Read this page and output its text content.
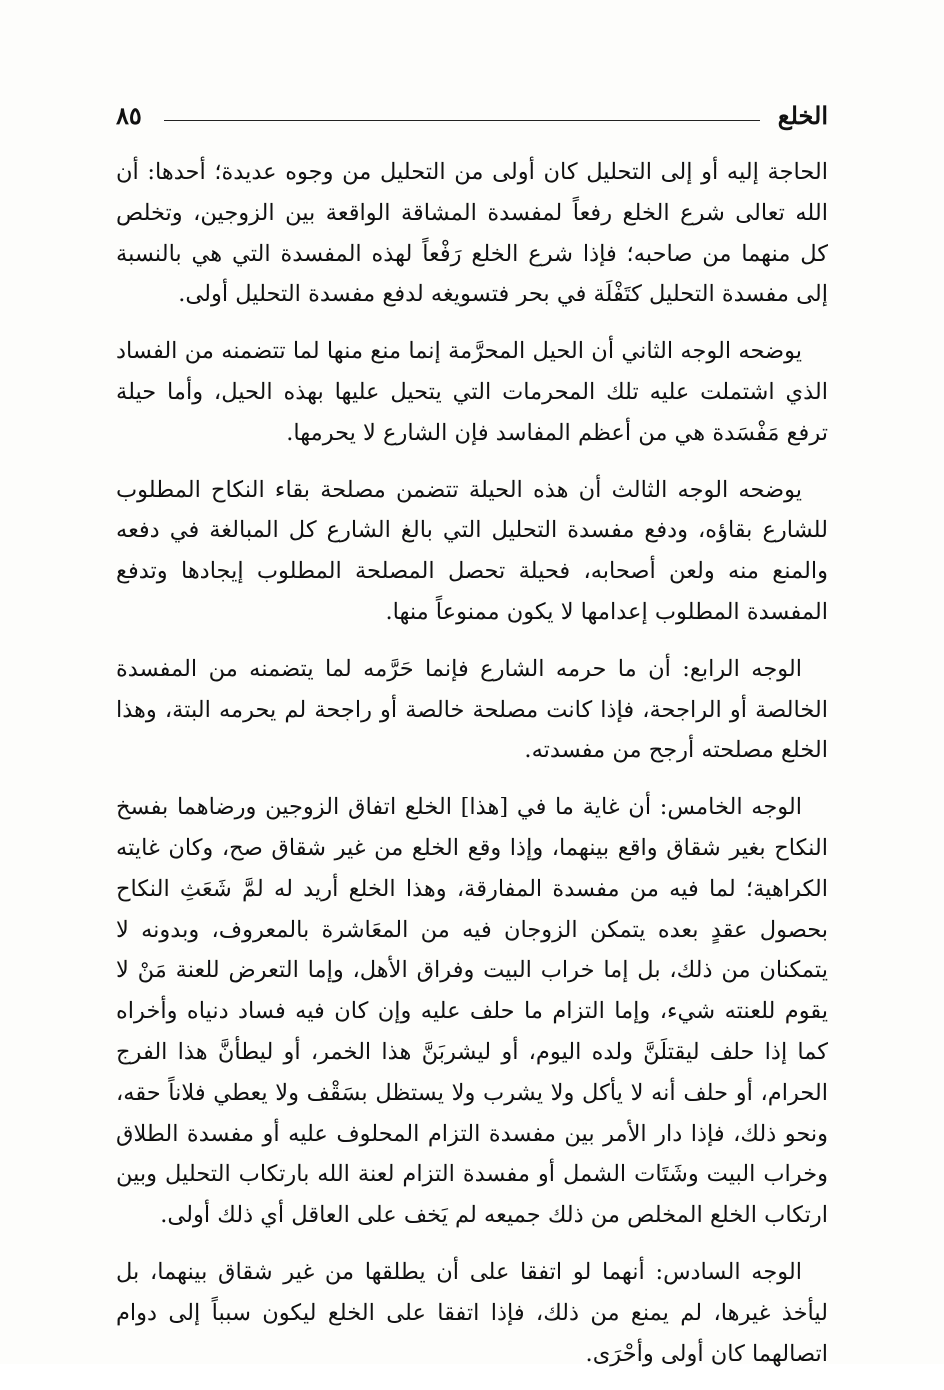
الخلع
٨٥

الحاجة إليه أو إلى التحليل كان أولى من التحليل من وجوه عديدة؛ أحدها: أن الله تعالى شرع الخلع رفعاً لمفسدة المشاقة الواقعة بين الزوجين، وتخلص كل منهما من صاحبه؛ فإذا شرع الخلع رَفْعاً لهذه المفسدة التي هي بالنسبة إلى مفسدة التحليل كتَفْلَة في بحر فتسويغه لدفع مفسدة التحليل أولى.

يوضحه الوجه الثاني أن الحيل المحرَّمة إنما منع منها لما تتضمنه من الفساد الذي اشتملت عليه تلك المحرمات التي يتحيل عليها بهذه الحيل، وأما حيلة ترفع مَفْسَدة هي من أعظم المفاسد فإن الشارع لا يحرمها.

يوضحه الوجه الثالث أن هذه الحيلة تتضمن مصلحة بقاء النكاح المطلوب للشارع بقاؤه، ودفع مفسدة التحليل التي بالغ الشارع كل المبالغة في دفعه والمنع منه ولعن أصحابه، فحيلة تحصل المصلحة المطلوب إيجادها وتدفع المفسدة المطلوب إعدامها لا يكون ممنوعاً منها.

الوجه الرابع: أن ما حرمه الشارع فإنما حَرَّمه لما يتضمنه من المفسدة الخالصة أو الراجحة، فإذا كانت مصلحة خالصة أو راجحة لم يحرمه البتة، وهذا الخلع مصلحته أرجح من مفسدته.

الوجه الخامس: أن غاية ما في [هذا] الخلع اتفاق الزوجين ورضاهما بفسخ النكاح بغير شقاق واقع بينهما، وإذا وقع الخلع من غير شقاق صح، وكان غايته الكراهية؛ لما فيه من مفسدة المفارقة، وهذا الخلع أريد له لمَّ شَعَثِ النكاح بحصول عقدٍ بعده يتمكن الزوجان فيه من المعَاشرة بالمعروف، وبدونه لا يتمكنان من ذلك، بل إما خراب البيت وفراق الأهل، وإما التعرض للعنة مَنْ لا يقوم للعنته شيء، وإما التزام ما حلف عليه وإن كان فيه فساد دنياه وأخراه كما إذا حلف ليقتلَنَّ ولده اليوم، أو ليشربَنَّ هذا الخمر، أو ليطأنَّ هذا الفرج الحرام، أو حلف أنه لا يأكل ولا يشرب ولا يستظل بسَقْف ولا يعطي فلاناً حقه، ونحو ذلك، فإذا دار الأمر بين مفسدة التزام المحلوف عليه أو مفسدة الطلاق وخراب البيت وشَتَات الشمل أو مفسدة التزام لعنة الله بارتكاب التحليل وبين ارتكاب الخلع المخلص من ذلك جميعه لم يَخف على العاقل أي ذلك أولى.

الوجه السادس: أنهما لو اتفقا على أن يطلقها من غير شقاق بينهما، بل ليأخذ غيرها، لم يمنع من ذلك، فإذا اتفقا على الخلع ليكون سبباً إلى دوام اتصالهما كان أولى وأحْرَى.
